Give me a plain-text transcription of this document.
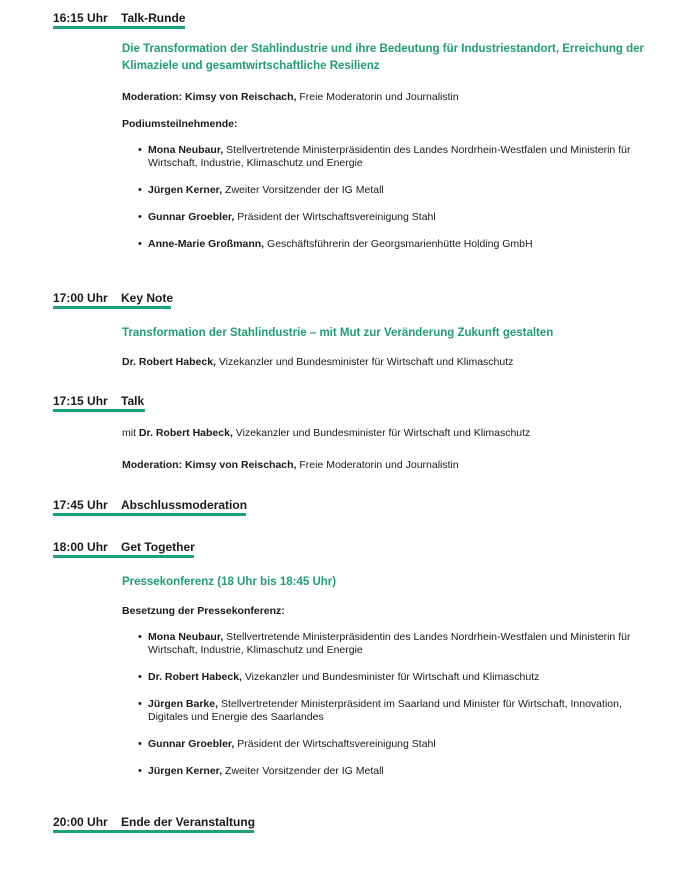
16:15 Uhr Talk-Runde
Die Transformation der Stahlindustrie und ihre Bedeutung für Industriestandort, Erreichung der Klimaziele und gesamtwirtschaftliche Resilienz
Moderation: Kimsy von Reischach, Freie Moderatorin und Journalistin
Podiumsteilnehmende:
• Mona Neubaur, Stellvertretende Ministerpräsidentin des Landes Nordrhein-Westfalen und Ministerin für Wirtschaft, Industrie, Klimaschutz und Energie
• Jürgen Kerner, Zweiter Vorsitzender der IG Metall
• Gunnar Groebler, Präsident der Wirtschaftsvereinigung Stahl
• Anne-Marie Großmann, Geschäftsführerin der Georgsmarienhütte Holding GmbH
17:00 Uhr Key Note
Transformation der Stahlindustrie – mit Mut zur Veränderung Zukunft gestalten
Dr. Robert Habeck, Vizekanzler und Bundesminister für Wirtschaft und Klimaschutz
17:15 Uhr Talk
mit Dr. Robert Habeck, Vizekanzler und Bundesminister für Wirtschaft und Klimaschutz
Moderation: Kimsy von Reischach, Freie Moderatorin und Journalistin
17:45 Uhr Abschlussmoderation
18:00 Uhr Get Together
Pressekonferenz (18 Uhr bis 18:45 Uhr)
Besetzung der Pressekonferenz:
• Mona Neubaur, Stellvertretende Ministerpräsidentin des Landes Nordrhein-Westfalen und Ministerin für Wirtschaft, Industrie, Klimaschutz und Energie
• Dr. Robert Habeck, Vizekanzler und Bundesminister für Wirtschaft und Klimaschutz
• Jürgen Barke, Stellvertretender Ministerpräsident im Saarland und Minister für Wirtschaft, Innovation, Digitales und Energie des Saarlandes
• Gunnar Groebler, Präsident der Wirtschaftsvereinigung Stahl
• Jürgen Kerner, Zweiter Vorsitzender der IG Metall
20:00 Uhr Ende der Veranstaltung
